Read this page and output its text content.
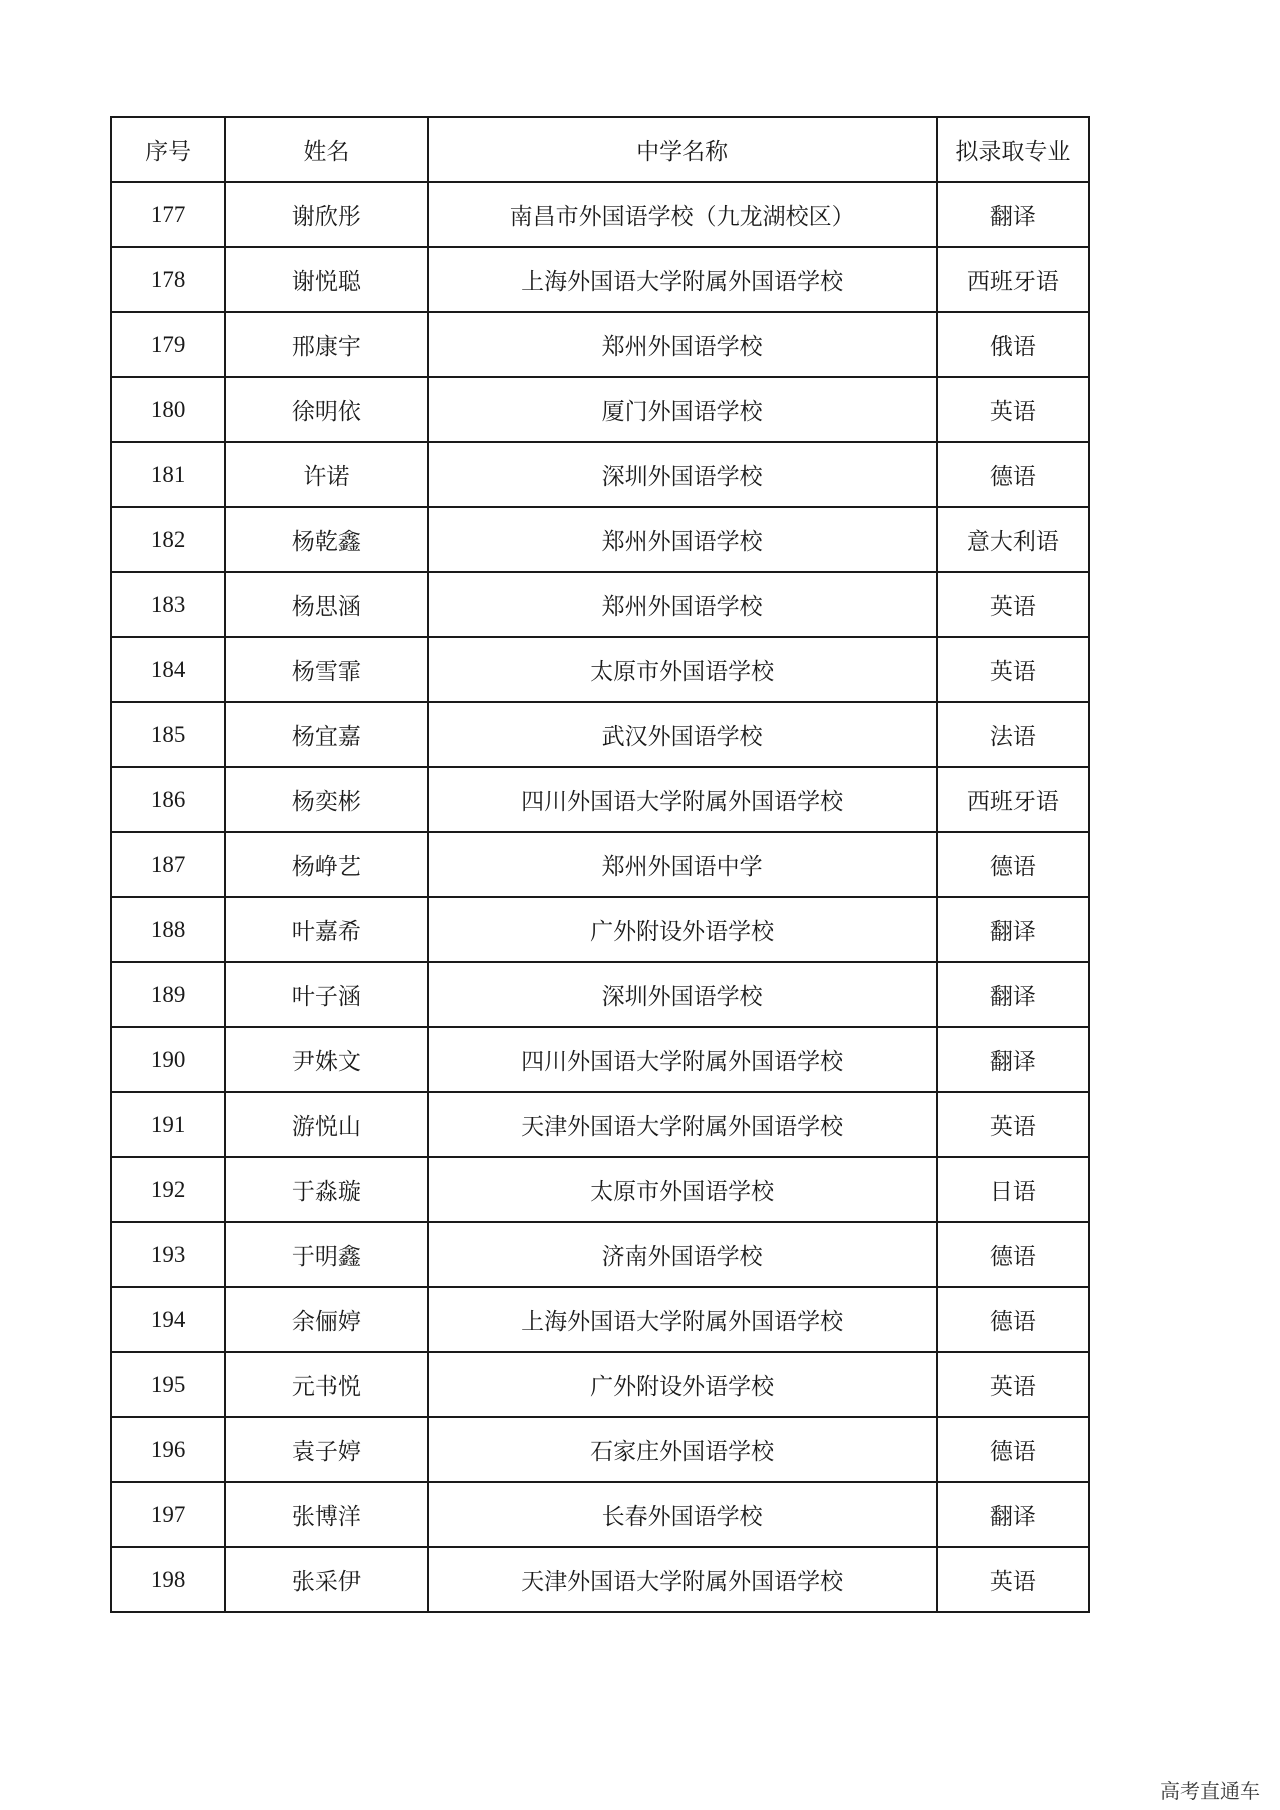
序号	姓名	中学名称	拟录取专业
177	谢欣彤	南昌市外国语学校（九龙湖校区）	翻译
178	谢悦聪	上海外国语大学附属外国语学校	西班牙语
179	邢康宇	郑州外国语学校	俄语
180	徐明依	厦门外国语学校	英语
181	许诺	深圳外国语学校	德语
182	杨乾鑫	郑州外国语学校	意大利语
183	杨思涵	郑州外国语学校	英语
184	杨雪霏	太原市外国语学校	英语
185	杨宜嘉	武汉外国语学校	法语
186	杨奕彬	四川外国语大学附属外国语学校	西班牙语
187	杨峥艺	郑州外国语中学	德语
188	叶嘉希	广外附设外语学校	翻译
189	叶子涵	深圳外国语学校	翻译
190	尹姝文	四川外国语大学附属外国语学校	翻译
191	游悦山	天津外国语大学附属外国语学校	英语
192	于淼璇	太原市外国语学校	日语
193	于明鑫	济南外国语学校	德语
194	余俪婷	上海外国语大学附属外国语学校	德语
195	元书悦	广外附设外语学校	英语
196	袁子婷	石家庄外国语学校	德语
197	张博洋	长春外国语学校	翻译
198	张采伊	天津外国语大学附属外国语学校	英语
高考直通车
